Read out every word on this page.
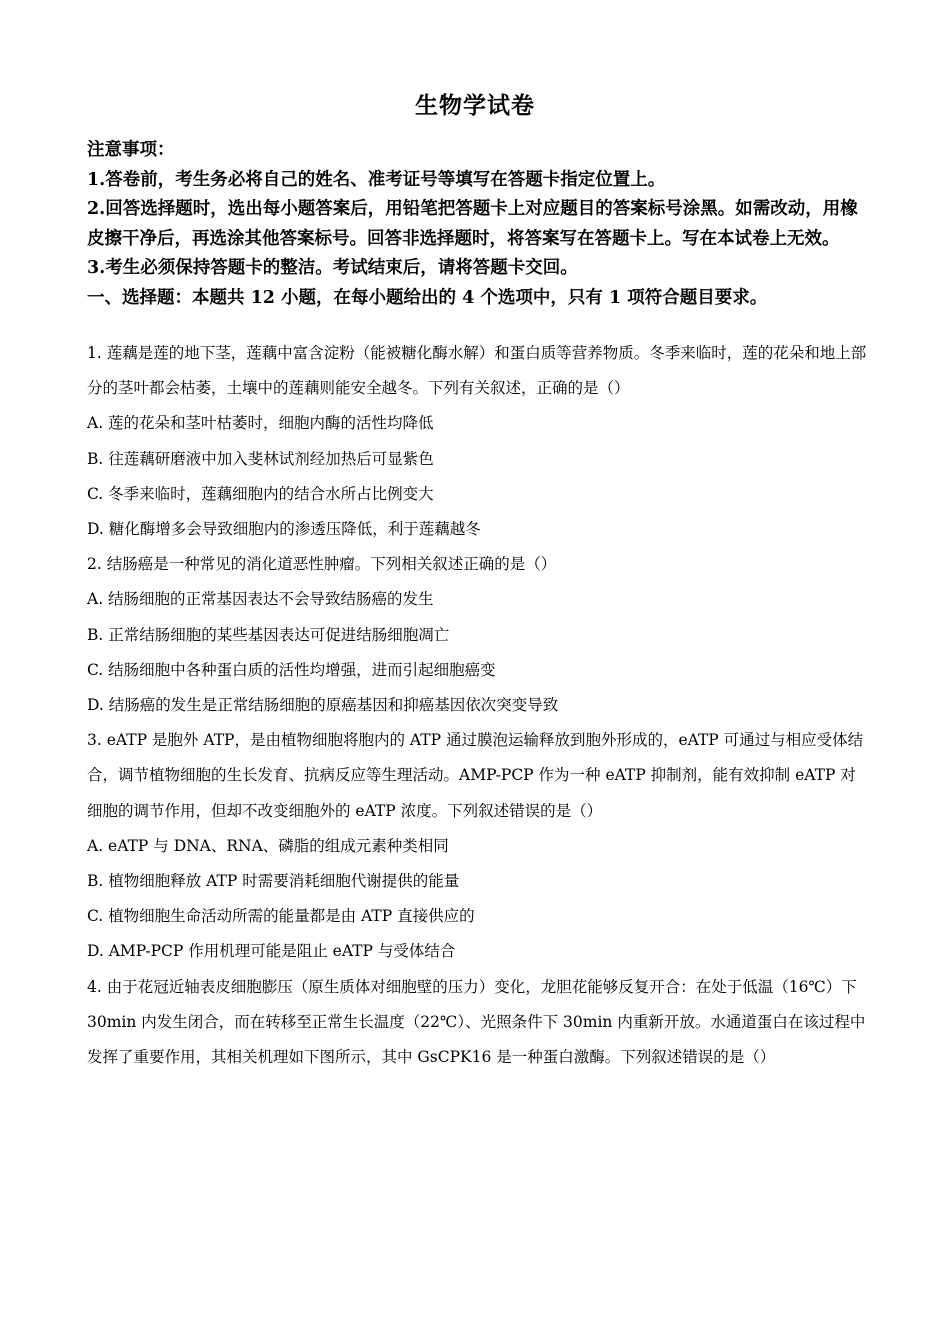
生物学试卷

注意事项：

1.答卷前，考生务必将自己的姓名、准考证号等填写在答题卡指定位置上。

2.回答选择题时，选出每小题答案后，用铅笔把答题卡上对应题目的答案标号涂黑。如需改动，用橡皮擦干净后，再选涂其他答案标号。回答非选择题时，将答案写在答题卡上。写在本试卷上无效。

3.考生必须保持答题卡的整洁。考试结束后，请将答题卡交回。

一、选择题：本题共 12 小题，在每小题给出的 4 个选项中，只有 1 项符合题目要求。

1. 莲藕是莲的地下茎，莲藕中富含淀粉（能被糖化酶水解）和蛋白质等营养物质。冬季来临时，莲的花朵和地上部分的茎叶都会枯萎，土壤中的莲藕则能安全越冬。下列有关叙述，正确的是（）

A. 莲的花朵和茎叶枯萎时，细胞内酶的活性均降低

B. 往莲藕研磨液中加入斐林试剂经加热后可显紫色

C. 冬季来临时，莲藕细胞内的结合水所占比例变大

D. 糖化酶增多会导致细胞内的渗透压降低，利于莲藕越冬

2. 结肠癌是一种常见的消化道恶性肿瘤。下列相关叙述正确的是（）

A. 结肠细胞的正常基因表达不会导致结肠癌的发生

B. 正常结肠细胞的某些基因表达可促进结肠细胞凋亡

C. 结肠细胞中各种蛋白质的活性均增强，进而引起细胞癌变

D. 结肠癌的发生是正常结肠细胞的原癌基因和抑癌基因依次突变导致

3. eATP 是胞外 ATP，是由植物细胞将胞内的 ATP 通过膜泡运输释放到胞外形成的，eATP 可通过与相应受体结合，调节植物细胞的生长发育、抗病反应等生理活动。AMP-PCP 作为一种 eATP 抑制剂，能有效抑制 eATP 对细胞的调节作用，但却不改变细胞外的 eATP 浓度。下列叙述错误的是（）

A. eATP 与 DNA、RNA、磷脂的组成元素种类相同

B. 植物细胞释放 ATP 时需要消耗细胞代谢提供的能量

C. 植物细胞生命活动所需的能量都是由 ATP 直接供应的

D. AMP-PCP 作用机理可能是阻止 eATP 与受体结合

4. 由于花冠近轴表皮细胞膨压（原生质体对细胞壁的压力）变化，龙胆花能够反复开合：在处于低温（16℃）下 30min 内发生闭合，而在转移至正常生长温度（22℃）、光照条件下 30min 内重新开放。水通道蛋白在该过程中发挥了重要作用，其相关机理如下图所示，其中 GsCPK16 是一种蛋白激酶。下列叙述错误的是（）
